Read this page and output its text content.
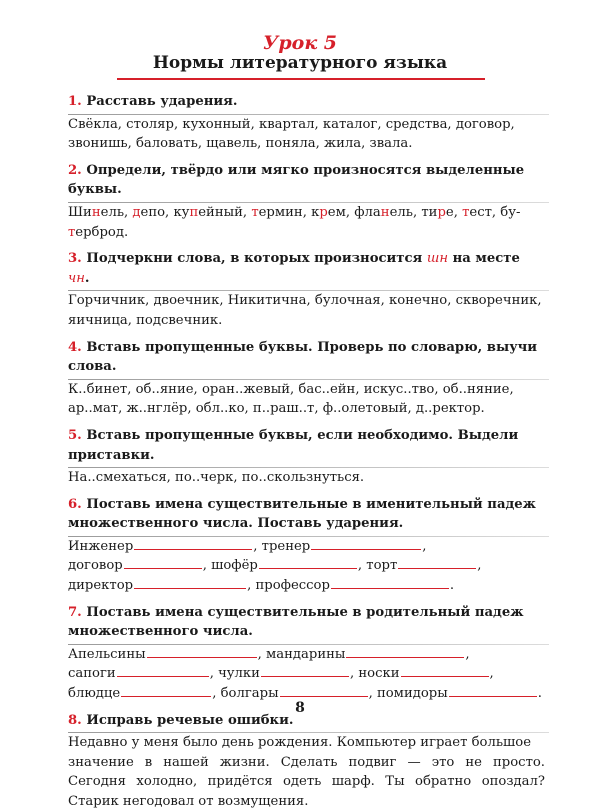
Урок 5
Нормы литературного языка
1. Расставь ударения.
Свёкла, столяр, кухонный, квартал, каталог, средства, договор,
звонишь, баловать, щавель, поняла, жила, звала.
2. Определи, твёрдо или мягко произносятся выделенные буквы.
Шинель, депо, купейный, термин, крем, фланель, тире, тест, бу-
терброд.
3. Подчеркни слова, в которых произносится шн на месте чн.
Горчичник, двоечник, Никитична, булочная, конечно, скворечник,
яичница, подсвечник.
4. Вставь пропущенные буквы. Проверь по словарю, выучи слова.
К..бинет, об..яние, оран..жевый, бас..ейн, искус..тво, об..няние,
ар..мат, ж..нглёр, обл..ко, п..раш..т, ф..олетовый, д..ректор.
5. Вставь пропущенные буквы, если необходимо. Выдели приставки.
На..смехаться, по..черк, по..скользнуться.
6. Поставь имена существительные в именительный падеж множественного числа. Поставь ударения.
Инженер	, тренер	,
договор	, шофёр	, торт	,
директор	, профессор	.
7. Поставь имена существительные в родительный падеж множественного числа.
Апельсины	, мандарины	,
сапоги	, чулки	, носки	,
блюдце	, болгары	, помидоры	.
8. Исправь речевые ошибки.
Недавно у меня было день рождения. Компьютер играет большое
значение в нашей жизни. Сделать подвиг — это не просто. Сегодня холодно, придётся одеть шарф. Ты обратно опоздал? Старик негодовал от возмущения.
8
